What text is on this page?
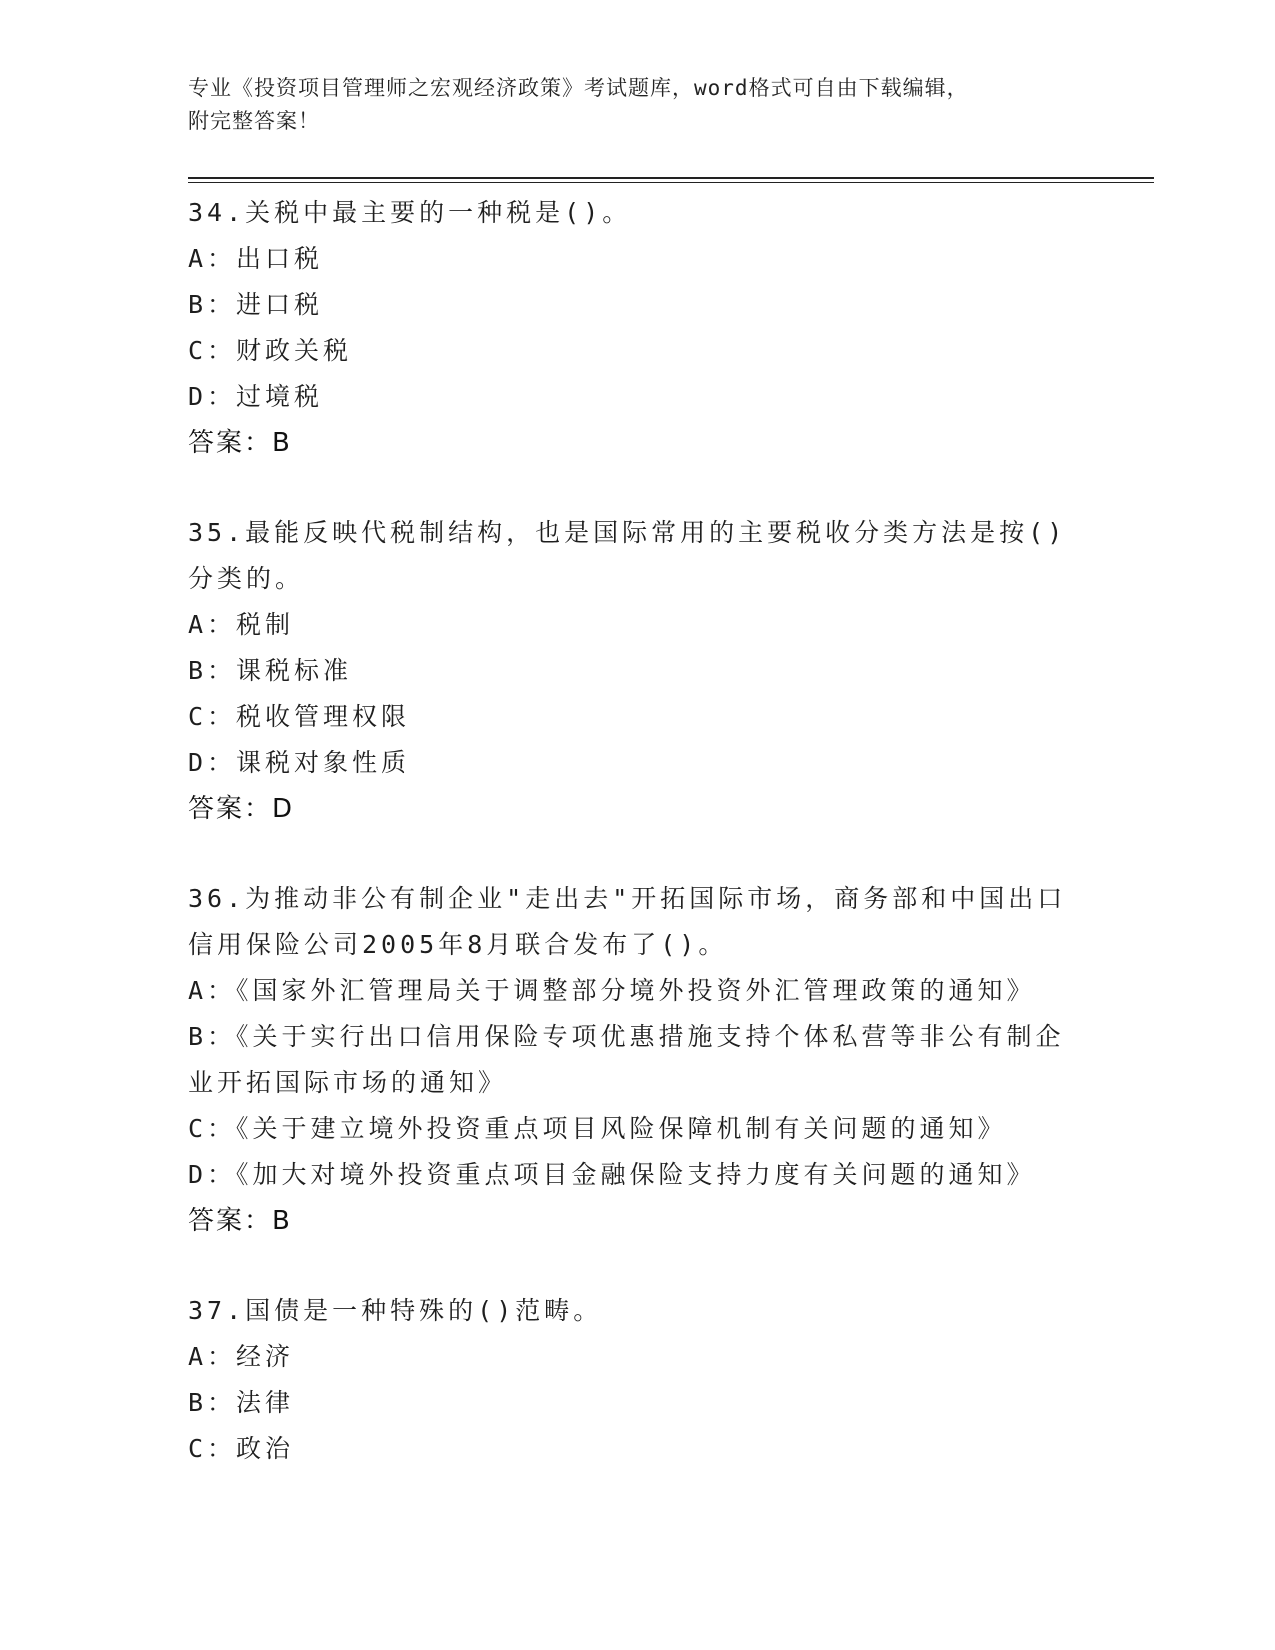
专业《投资项目管理师之宏观经济政策》考试题库，word格式可自由下载编辑，
附完整答案！
34.关税中最主要的一种税是()。
A：出口税
B：进口税
C：财政关税
D：过境税
答案：B
35.最能反映代税制结构，也是国际常用的主要税收分类方法是按()分类的。
A：税制
B：课税标准
C：税收管理权限
D：课税对象性质
答案：D
36.为推动非公有制企业"走出去"开拓国际市场，商务部和中国出口信用保险公司2005年8月联合发布了()。
A：《国家外汇管理局关于调整部分境外投资外汇管理政策的通知》
B：《关于实行出口信用保险专项优惠措施支持个体私营等非公有制企业开拓国际市场的通知》
C：《关于建立境外投资重点项目风险保障机制有关问题的通知》
D：《加大对境外投资重点项目金融保险支持力度有关问题的通知》
答案：B
37.国债是一种特殊的()范畴。
A：经济
B：法律
C：政治
